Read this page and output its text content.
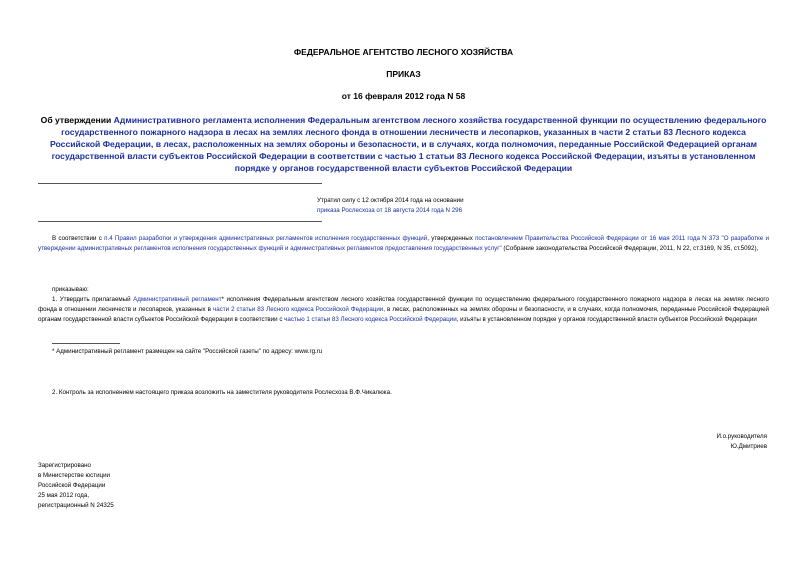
ФЕДЕРАЛЬНОЕ АГЕНТСТВО ЛЕСНОГО ХОЗЯЙСТВА
ПРИКАЗ
от 16 февраля 2012 года N 58
Об утверждении Административного регламента исполнения Федеральным агентством лесного хозяйства государственной функции по осуществлению федерального государственного пожарного надзора в лесах на землях лесного фонда в отношении лесничеств и лесопарков, указанных в части 2 статьи 83 Лесного кодекса Российской Федерации, в лесах, расположенных на землях обороны и безопасности, и в случаях, когда полномочия, переданные Российской Федерацией органам государственной власти субъектов Российской Федерации в соответствии с частью 1 статьи 83 Лесного кодекса Российской Федерации, изъяты в установленном порядке у органов государственной власти субъектов Российской Федерации
Утратил силу с 12 октября 2014 года на основании
приказа Рослесхоза от 18 августа 2014 года N 296
В соответствии с п.4 Правил разработки и утверждения административных регламентов исполнения государственных функций, утвержденных постановлением Правительства Российской Федерации от 16 мая 2011 года N 373 "О разработке и утверждении административных регламентов исполнения государственных функций и административных регламентов предоставления государственных услуг" (Собрание законодательства Российской Федерации, 2011, N 22, ст.3169, N 35, ст.5092),
приказываю:
1. Утвердить прилагаемый Административный регламент* исполнения Федеральным агентством лесного хозяйства государственной функции по осуществлению федерального государственного пожарного надзора в лесах на землях лесного фонда в отношении лесничеств и лесопарков, указанных в части 2 статьи 83 Лесного кодекса Российской Федерации, в лесах, расположенных на землях обороны и безопасности, и в случаях, когда полномочия, переданные Российской Федерацией органам государственной власти субъектов Российской Федерации в соответствии с частью 1 статьи 83 Лесного кодекса Российской Федерации, изъяты в установленном порядке у органов государственной власти субъектов Российской Федерации
* Административный регламент размещен на сайте "Российской газеты" по адресу: www.rg.ru
2. Контроль за исполнением настоящего приказа возложить на заместителя руководителя Рослесхоза В.Ф.Чикалюка.
И.о.руководителя
Ю.Дмитриев
Зарегистрировано
в Министерстве юстиции
Российской Федерации
25 мая 2012 года,
регистрационный N 24325
